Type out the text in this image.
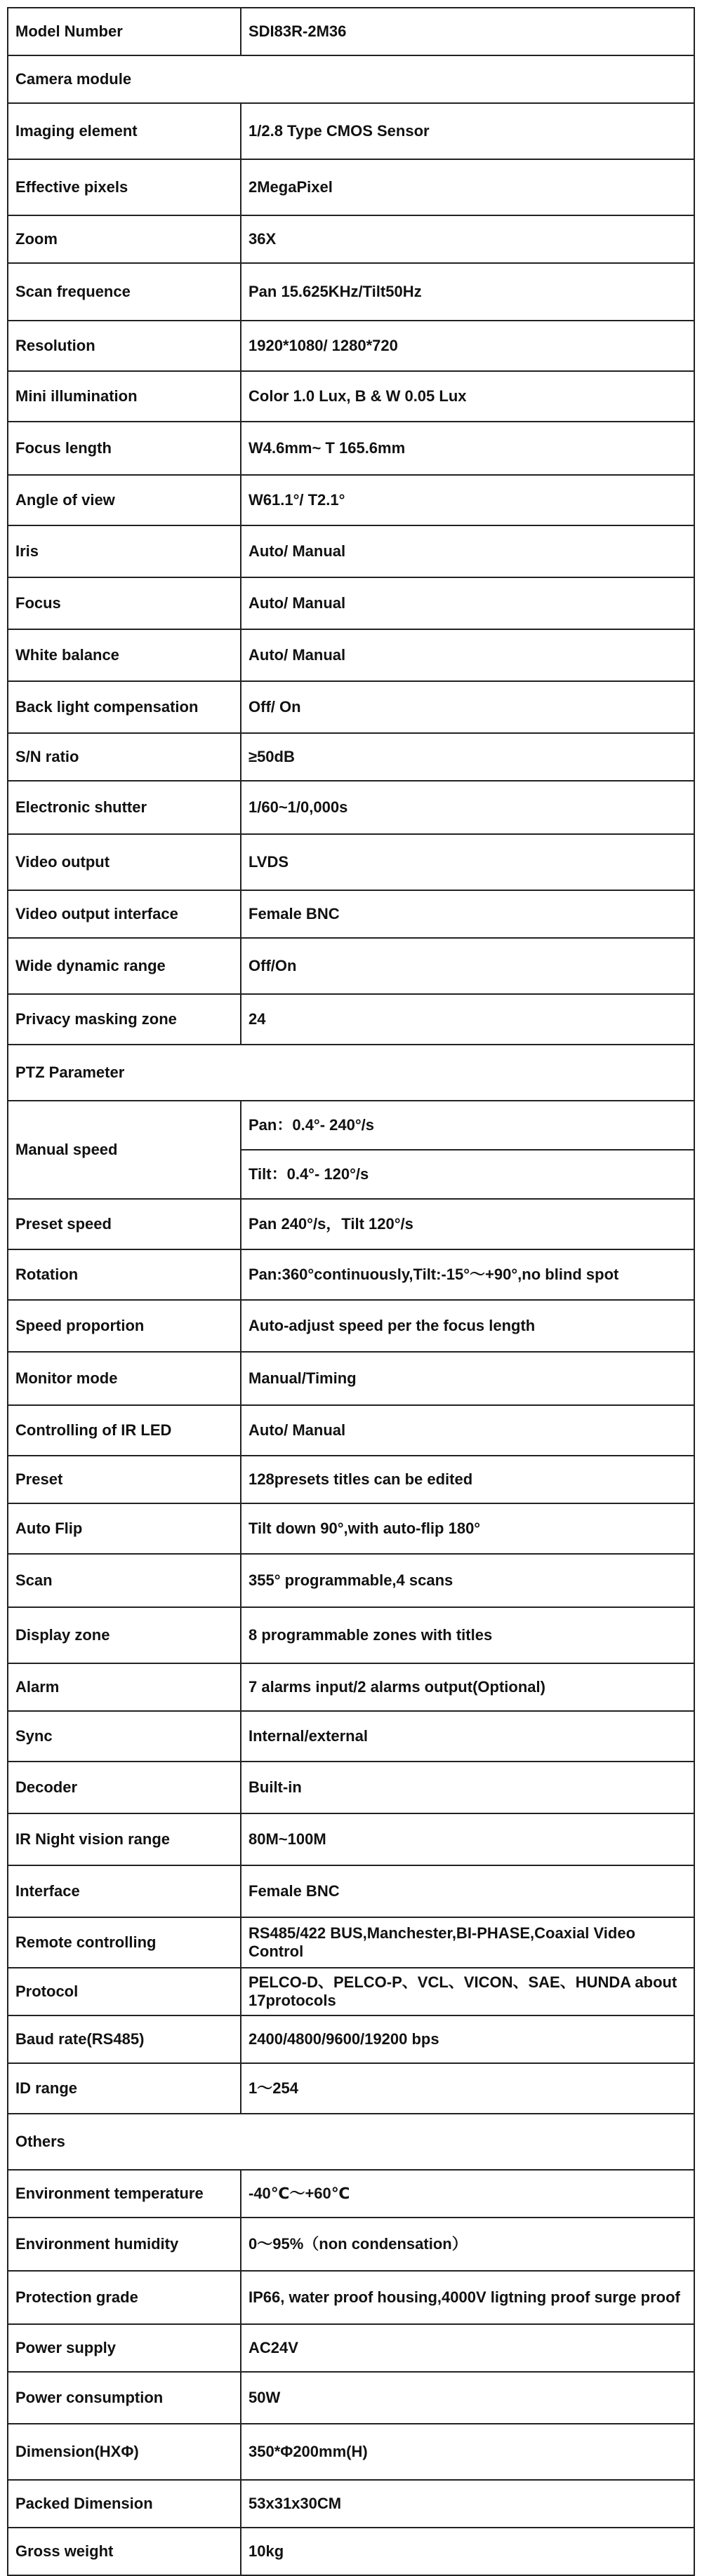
Model Number	SDI83R-2M36
Camera module	
Imaging element	1/2.8 Type CMOS Sensor
Effective pixels	2MegaPixel
Zoom	36X
Scan frequence	Pan 15.625KHz/Tilt50Hz
Resolution	1920*1080/ 1280*720
Mini illumination	Color 1.0 Lux, B & W 0.05 Lux
Focus length	W4.6mm~ T 165.6mm
Angle of view	W61.1°/ T2.1°
Iris	Auto/ Manual
Focus	Auto/ Manual
White balance	Auto/ Manual
Back light compensation	Off/ On
S/N ratio	≥50dB
Electronic shutter	1/60~1/0,000s
Video output	LVDS
Video output interface	Female BNC
Wide dynamic range	Off/On
Privacy masking zone	24
PTZ Parameter	
Manual speed	Pan：0.4°- 240°/s
	Tilt：0.4°- 120°/s
Preset speed	Pan 240°/s，Tilt 120°/s
Rotation	Pan:360°continuously,Tilt:-15°～+90°,no blind spot
Speed proportion	Auto-adjust speed per the focus length
Monitor mode	Manual/Timing
Controlling of IR LED	Auto/ Manual
Preset	128presets titles can be edited
Auto Flip	Tilt down 90°,with auto-flip 180°
Scan	355° programmable,4 scans
Display zone	8 programmable zones with titles
Alarm	7 alarms input/2 alarms output(Optional)
Sync	Internal/external
Decoder	Built-in
IR Night vision range	80M~100M
Interface	Female BNC
Remote controlling	RS485/422 BUS,Manchester,BI-PHASE,Coaxial Video Control
Protocol	PELCO-D、PELCO-P、VCL、VICON、SAE、HUNDA about 17protocols
Baud rate(RS485)	2400/4800/9600/19200 bps
ID range	1～254
Others	
Environment temperature	-40℃～+60℃
Environment humidity	0～95%（non condensation）
Protection grade	IP66, water proof housing,4000V ligtning proof surge proof
Power supply	AC24V
Power consumption	50W
Dimension(HXΦ)	350*Φ200mm(H)
Packed Dimension	53x31x30CM
Gross weight	10kg
